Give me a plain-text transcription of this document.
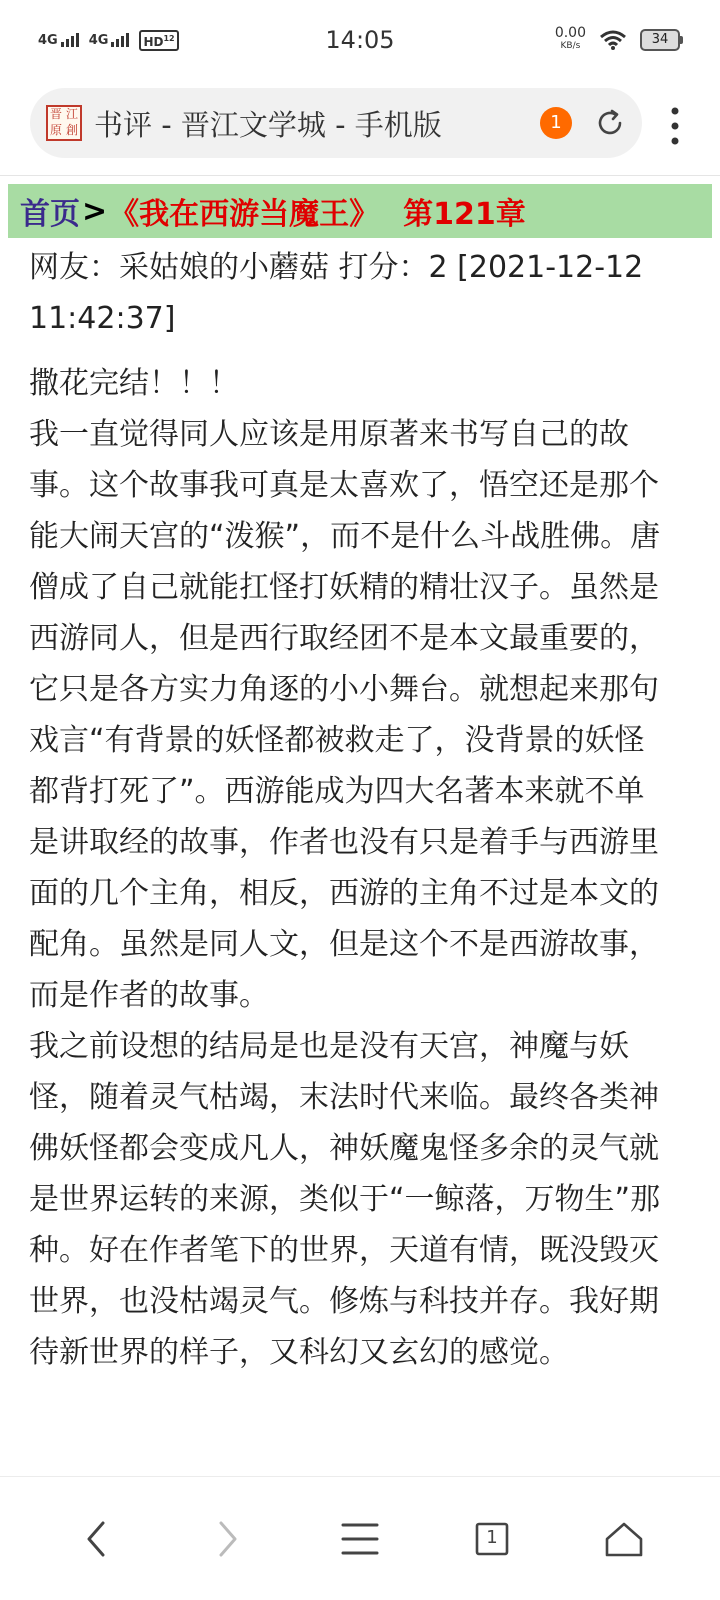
4G 4G	HD$^{12}$	14:05	0.00
KB/s	34
晋 江
原 創 书评 - 晋江文学城 - 手机版	1
首页 > 《我在西游当魔王》 第121章

网友：采姑娘的小蘑菇 打分：2 [2021-12-12 11:42:37]

撒花完结！！！

我一直觉得同人应该是用原著来书写自己的故事。这个故事我可真是太喜欢了，悟空还是那个能大闹天宫的“泼猴”，而不是什么斗战胜佛。唐僧成了自己就能扛怪打妖精的精壮汉子。虽然是西游同人，但是西行取经团不是本文最重要的，它只是各方实力角逐的小小舞台。就想起来那句戏言“有背景的妖怪都被救走了，没背景的妖怪都背打死了”。西游能成为四大名著本来就不单是讲取经的故事，作者也没有只是着手与西游里面的几个主角，相反，西游的主角不过是本文的配角。虽然是同人文，但是这个不是西游故事，而是作者的故事。

我之前设想的结局是也是没有天宫，神魔与妖怪，随着灵气枯竭，末法时代来临。最终各类神佛妖怪都会变成凡人，神妖魔鬼怪多余的灵气就是世界运转的来源，类似于“一鲸落，万物生”那种。好在作者笔下的世界，天道有情，既没毁灭世界，也没枯竭灵气。修炼与科技并存。我好期待新世界的样子，又科幻又玄幻的感觉。

1
